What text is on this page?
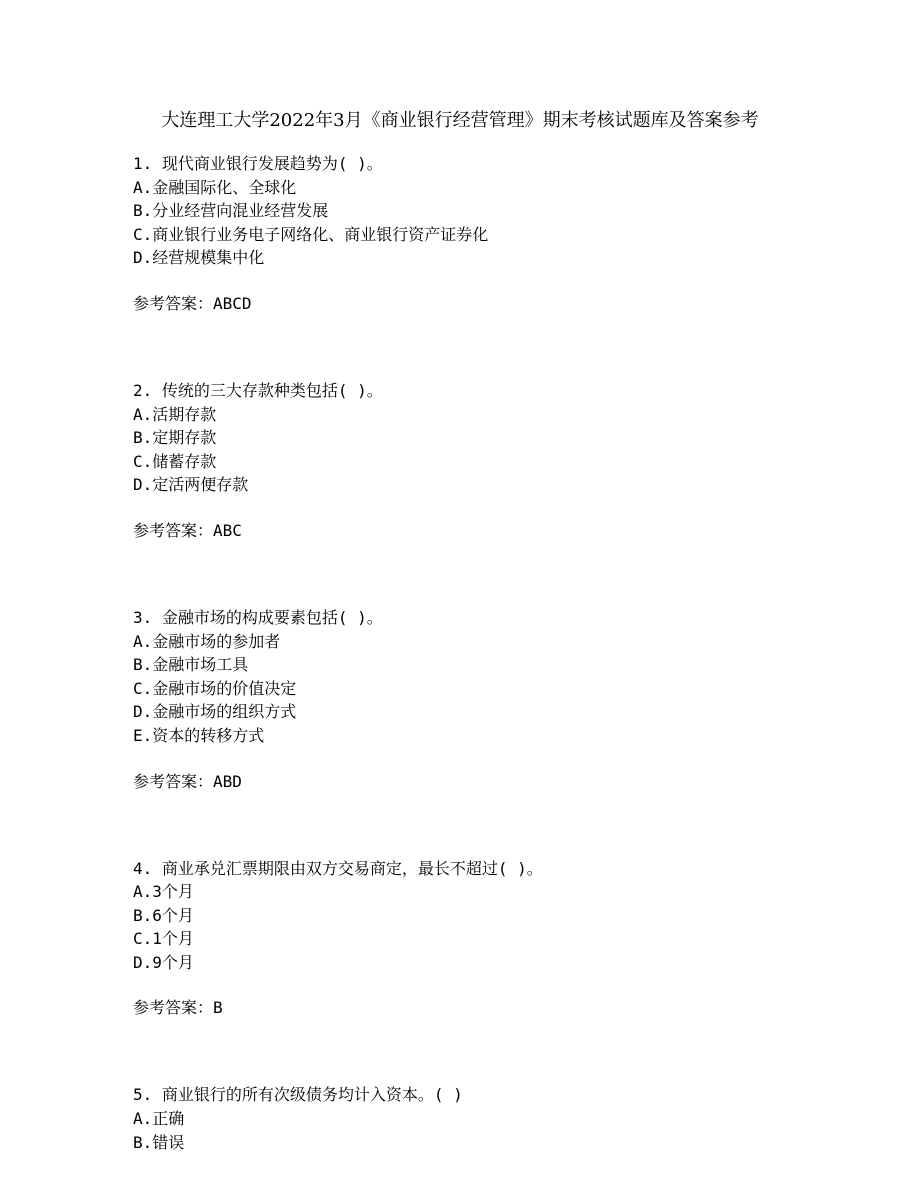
大连理工大学2022年3月《商业银行经营管理》期末考核试题库及答案参考
1. 现代商业银行发展趋势为( )。
A.金融国际化、全球化
B.分业经营向混业经营发展
C.商业银行业务电子网络化、商业银行资产证券化
D.经营规模集中化
参考答案：ABCD
2. 传统的三大存款种类包括( )。
A.活期存款
B.定期存款
C.储蓄存款
D.定活两便存款
参考答案：ABC
3. 金融市场的构成要素包括( )。
A.金融市场的参加者
B.金融市场工具
C.金融市场的价值决定
D.金融市场的组织方式
E.资本的转移方式
参考答案：ABD
4. 商业承兑汇票期限由双方交易商定，最长不超过( )。
A.3个月
B.6个月
C.1个月
D.9个月
参考答案：B
5. 商业银行的所有次级债务均计入资本。( )
A.正确
B.错误
